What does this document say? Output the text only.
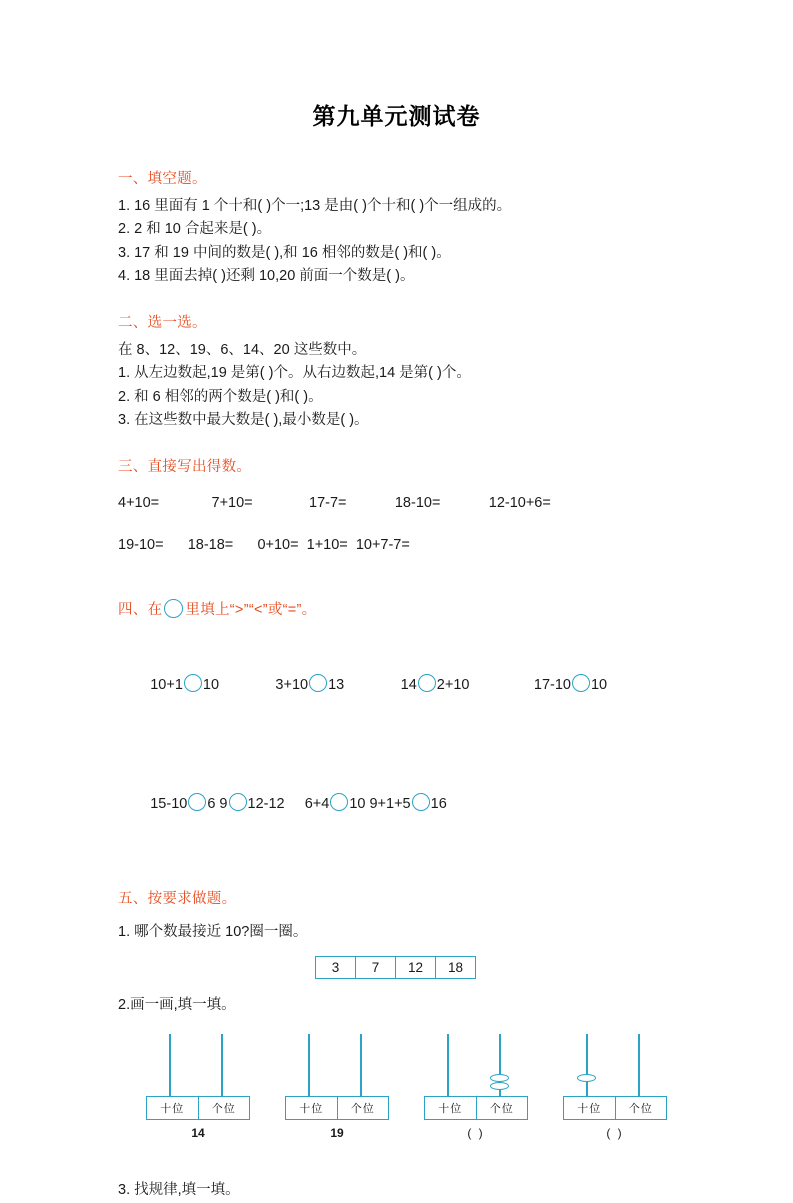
第九单元测试卷

一、填空题。

1. 16 里面有 1 个十和( )个一;13 是由( )个十和( )个一组成的。

2. 2 和 10 合起来是( )。

3. 17 和 19 中间的数是( ),和 16 相邻的数是( )和( )。

4. 18 里面去掉( )还剩 10,20 前面一个数是( )。

二、选一选。

在 8、12、19、6、14、20 这些数中。

1. 从左边数起,19 是第( )个。从右边数起,14 是第( )个。

2. 和 6 相邻的两个数是( )和( )。

3. 在这些数中最大数是( ),最小数是( )。

三、直接写出得数。

4+10=             7+10=              17-7=            18-10=            12-10+6=

19-10=      18-18=      0+10=  1+10=  10+7-7=

四、在 里填上“>”“<”或“=”。

10+1 10              3+10 13              14 2+10                17-10 10

15-10 6 9 12-12     6+4 10 9+1+5 16

五、按要求做题。

1. 哪个数最接近 10?圈一圈。

3	7	12	18

2.画一画,填一填。

十位	个位
14
十位	个位
19
十位	个位
( )
十位	个位
( )

3. 找规律,填一填。
